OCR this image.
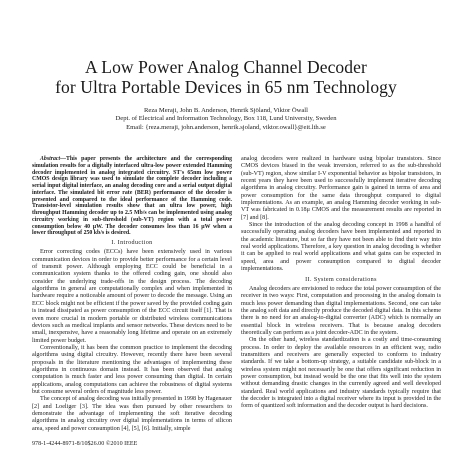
A Low Power Analog Channel Decoder
for Ultra Portable Devices in 65 nm Technology
Reza Meraji, John B. Anderson, Henrik Sjöland, Viktor Öwall
Dept. of Electrical and Information Technology, Box 118, Lund University, Sweden
Email: {reza.meraji, john.anderson, henrik.sjoland, viktor.owall}@eit.lth.se

Abstract—This paper presents the architecture and the corresponding simulation results for a digitally interfaced ultra-low power extended Hamming decoder implemented in analog integrated circuitry. ST's 65nm low power CMOS design library was used to simulate the complete decoder including a serial input digital interface, an analog decoding core and a serial output digital interface. The simulated bit error rate (BER) performance of the decoder is presented and compared to the ideal performance of the Hamming code. Transistor-level simulation results show that an ultra low power, high throughput Hamming decoder up to 2.5 Mb/s can be implemented using analog circuitry working in sub-threshold (sub-VT) region with a total power consumption below 40 μW. The decoder consumes less than 16 μW when a lower throughput of 250 kb/s is desired.

I. Introduction

Error correcting codes (ECCs) have been extensively used in various communication devices in order to provide better performance for a certain level of transmit power. Although employing ECC could be beneficial in a communication system thanks to the offered coding gain, one should also consider the underlying trade-offs in the design process. The decoding algorithms in general are computationally complex and when implemented in hardware require a noticeable amount of power to decode the message. Using an ECC block might not be efficient if the power saved by the provided coding gain is instead dissipated as power consumption of the ECC circuit itself [1]. That is even more crucial in modern portable or distributed wireless communications devices such as medical implants and sensor networks. These devices need to be small, inexpensive, have a reasonably long lifetime and operate on an extremely limited power budget.

Conventionally, it has been the common practice to implement the decoding algorithms using digital circuitry. However, recently there have been several proposals in the literature mentioning the advantages of implementing these algorithms in continuous domain instead. It has been observed that analog computation is much faster and less power consuming than digital. In certain applications, analog computations can achieve the robustness of digital systems but consume several orders of magnitude less power.

The concept of analog decoding was initially presented in 1998 by Hagenauer [2] and Loeliger [3]. The idea was then pursued by other researchers to demonstrate the advantage of implementing the soft iterative decoding algorithms in analog circuitry over digital implementations in terms of silicon area, speed and power consumption [4], [5], [6]. Initially, simple

analog decoders were realized in hardware using bipolar transistors. Since CMOS devices biased in the weak inversion, referred to as the sub-threshold (sub-VT) region, show similar I-V exponential behavior as bipolar transistors, in recent years they have been used to successfully implement iterative decoding algorithms in analog circuitry. Performance gain is gained in terms of area and power consumption for the same data throughput compared to digital implementations. As an example, an analog Hamming decoder working in sub-VT was fabricated in 0.18μ CMOS and the measurement results are reported in [7] and [8].

Since the introduction of the analog decoding concept in 1998 a handful of successfully operating analog decoders have been implemented and reported in the academic literature, but so far they have not been able to find their way into real world applications. Therefore, a key question in analog decoding is whether it can be applied to real world applications and what gains can be expected in speed, area and power consumption compared to digital decoder implementations.

II. System considerations

Analog decoders are envisioned to reduce the total power consumption of the receiver in two ways: First, computation and processing in the analog domain is much less power demanding than digital implementations. Second, one can take the analog soft data and directly produce the decoded digital data. In this scheme there is no need for an analog-to-digital converter (ADC) which is normally an essential block in wireless receivers. That is because analog decoders theoretically can perform as a joint decoder-ADC in the system.

On the other hand, wireless standardization is a costly and time-consuming process. In order to deploy the available resources in an efficient way, radio transmitters and receivers are generally expected to conform to industry standards. If we take a bottom-up strategy, a suitable candidate sub-block in a wireless system might not necessarily be one that offers significant reduction in power consumption, but instead would be the one that fits well into the system without demanding drastic changes in the currently agreed and well developed standard. Real world applications and industry standards typically require that the decoder is integrated into a digital receiver where its input is provided in the form of quantized soft information and the decoder output is hard decisions.

978-1-4244-8971-8/10$26.00 ©2010 IEEE
